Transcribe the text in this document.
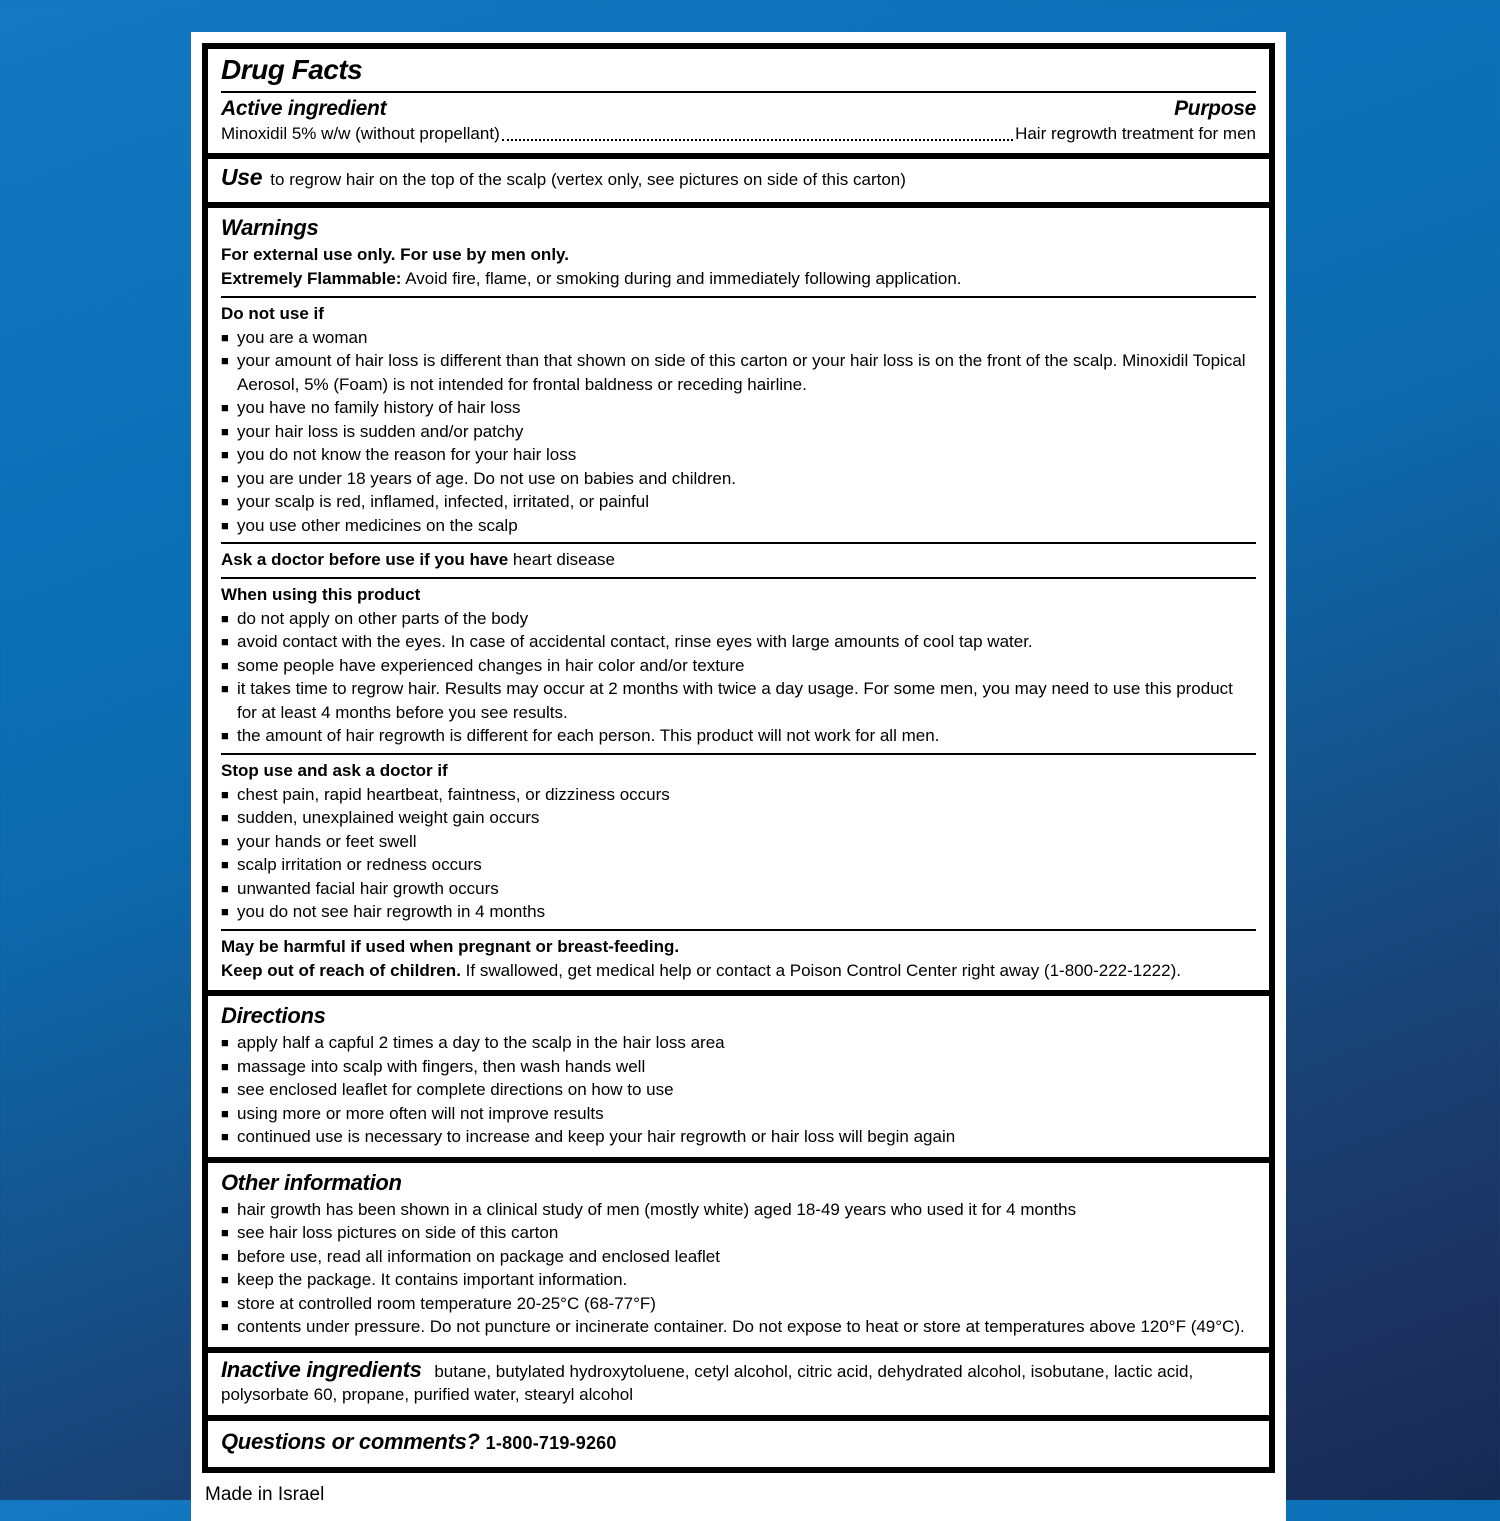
Drug Facts
Active ingredient	Purpose
Minoxidil 5% w/w (without propellant)	Hair regrowth treatment for men
Use to regrow hair on the top of the scalp (vertex only, see pictures on side of this carton)
Warnings
For external use only. For use by men only.
Extremely Flammable: Avoid fire, flame, or smoking during and immediately following application.
Do not use if
■ you are a woman
■ your amount of hair loss is different than that shown on side of this carton or your hair loss is on the front of the scalp. Minoxidil Topical Aerosol, 5% (Foam) is not intended for frontal baldness or receding hairline.
■ you have no family history of hair loss
■ your hair loss is sudden and/or patchy
■ you do not know the reason for your hair loss
■ you are under 18 years of age. Do not use on babies and children.
■ your scalp is red, inflamed, infected, irritated, or painful
■ you use other medicines on the scalp
Ask a doctor before use if you have heart disease
When using this product
■ do not apply on other parts of the body
■ avoid contact with the eyes. In case of accidental contact, rinse eyes with large amounts of cool tap water.
■ some people have experienced changes in hair color and/or texture
■ it takes time to regrow hair. Results may occur at 2 months with twice a day usage. For some men, you may need to use this product for at least 4 months before you see results.
■ the amount of hair regrowth is different for each person. This product will not work for all men.
Stop use and ask a doctor if
■ chest pain, rapid heartbeat, faintness, or dizziness occurs
■ sudden, unexplained weight gain occurs
■ your hands or feet swell
■ scalp irritation or redness occurs
■ unwanted facial hair growth occurs
■ you do not see hair regrowth in 4 months
May be harmful if used when pregnant or breast-feeding.
Keep out of reach of children. If swallowed, get medical help or contact a Poison Control Center right away (1-800-222-1222).
Directions
■ apply half a capful 2 times a day to the scalp in the hair loss area
■ massage into scalp with fingers, then wash hands well
■ see enclosed leaflet for complete directions on how to use
■ using more or more often will not improve results
■ continued use is necessary to increase and keep your hair regrowth or hair loss will begin again
Other information
■ hair growth has been shown in a clinical study of men (mostly white) aged 18-49 years who used it for 4 months
■ see hair loss pictures on side of this carton
■ before use, read all information on package and enclosed leaflet
■ keep the package. It contains important information.
■ store at controlled room temperature 20-25°C (68-77°F)
■ contents under pressure. Do not puncture or incinerate container. Do not expose to heat or store at temperatures above 120°F (49°C).
Inactive ingredients butane, butylated hydroxytoluene, cetyl alcohol, citric acid, dehydrated alcohol, isobutane, lactic acid, polysorbate 60, propane, purified water, stearyl alcohol
Questions or comments? 1-800-719-9260
Made in Israel
